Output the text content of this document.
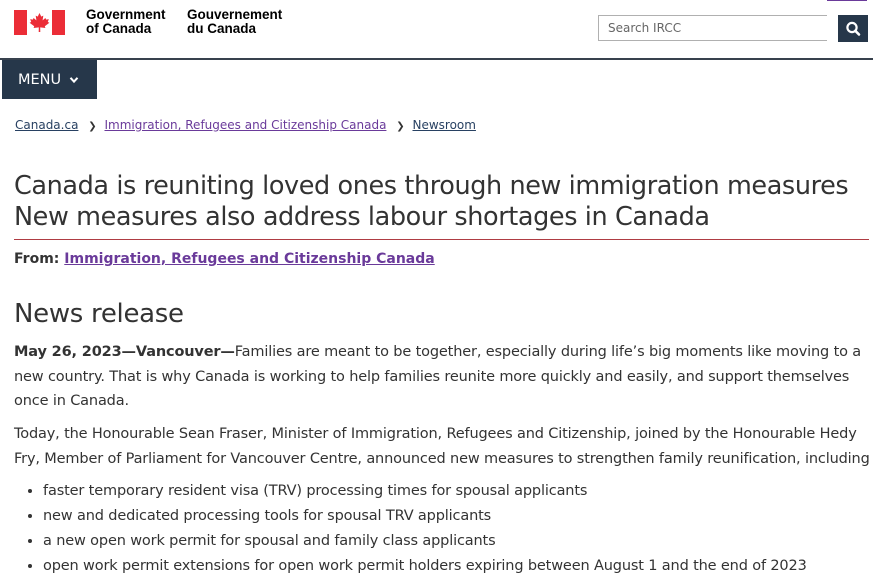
Government
of Canada
Gouvernement
du Canada
Search IRCC
MENU
Canada.ca ❯ Immigration, Refugees and Citizenship Canada ❯ Newsroom
Canada is reuniting loved ones through new immigration measures
New measures also address labour shortages in Canada
From: Immigration, Refugees and Citizenship Canada
News release

May 26, 2023—Vancouver—Families are meant to be together, especially during life’s big moments like moving to a new country. That is why Canada is working to help families reunite more quickly and easily, and support themselves once in Canada.

Today, the Honourable Sean Fraser, Minister of Immigration, Refugees and Citizenship, joined by the Honourable Hedy Fry, Member of Parliament for Vancouver Centre, announced new measures to strengthen family reunification, including

• faster temporary resident visa (TRV) processing times for spousal applicants
• new and dedicated processing tools for spousal TRV applicants
• a new open work permit for spousal and family class applicants
• open work permit extensions for open work permit holders expiring between August 1 and the end of 2023
